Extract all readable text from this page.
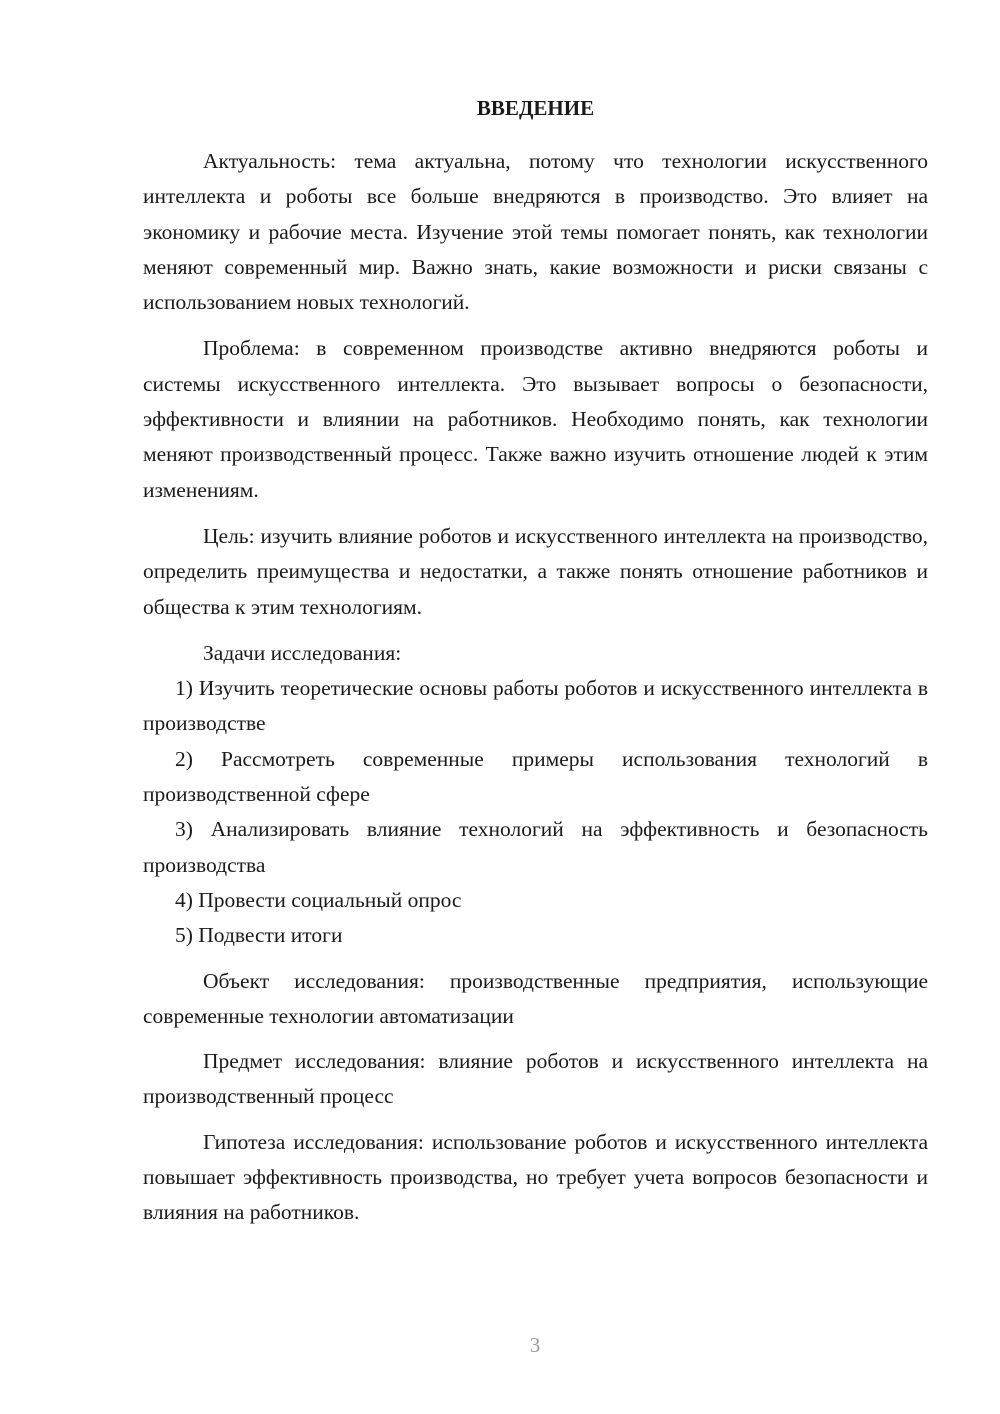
ВВЕДЕНИЕ

Актуальность: тема актуальна, потому что технологии искусственного интеллекта и роботы все больше внедряются в производство. Это влияет на экономику и рабочие места. Изучение этой темы помогает понять, как технологии меняют современный мир. Важно знать, какие возможности и риски связаны с использованием новых технологий.

Проблема: в современном производстве активно внедряются роботы и системы искусственного интеллекта. Это вызывает вопросы о безопасности, эффективности и влиянии на работников. Необходимо понять, как технологии меняют производственный процесс. Также важно изучить отношение людей к этим изменениям.

Цель: изучить влияние роботов и искусственного интеллекта на производство, определить преимущества и недостатки, а также понять отношение работников и общества к этим технологиям.

Задачи исследования:

1) Изучить теоретические основы работы роботов и искусственного интеллекта в производстве

2) Рассмотреть современные примеры использования технологий в производственной сфере

3) Анализировать влияние технологий на эффективность и безопасность производства

4) Провести социальный опрос

5) Подвести итоги

Объект исследования: производственные предприятия, использующие современные технологии автоматизации

Предмет исследования: влияние роботов и искусственного интеллекта на производственный процесс

Гипотеза исследования: использование роботов и искусственного интеллекта повышает эффективность производства, но требует учета вопросов безопасности и влияния на работников.

3
